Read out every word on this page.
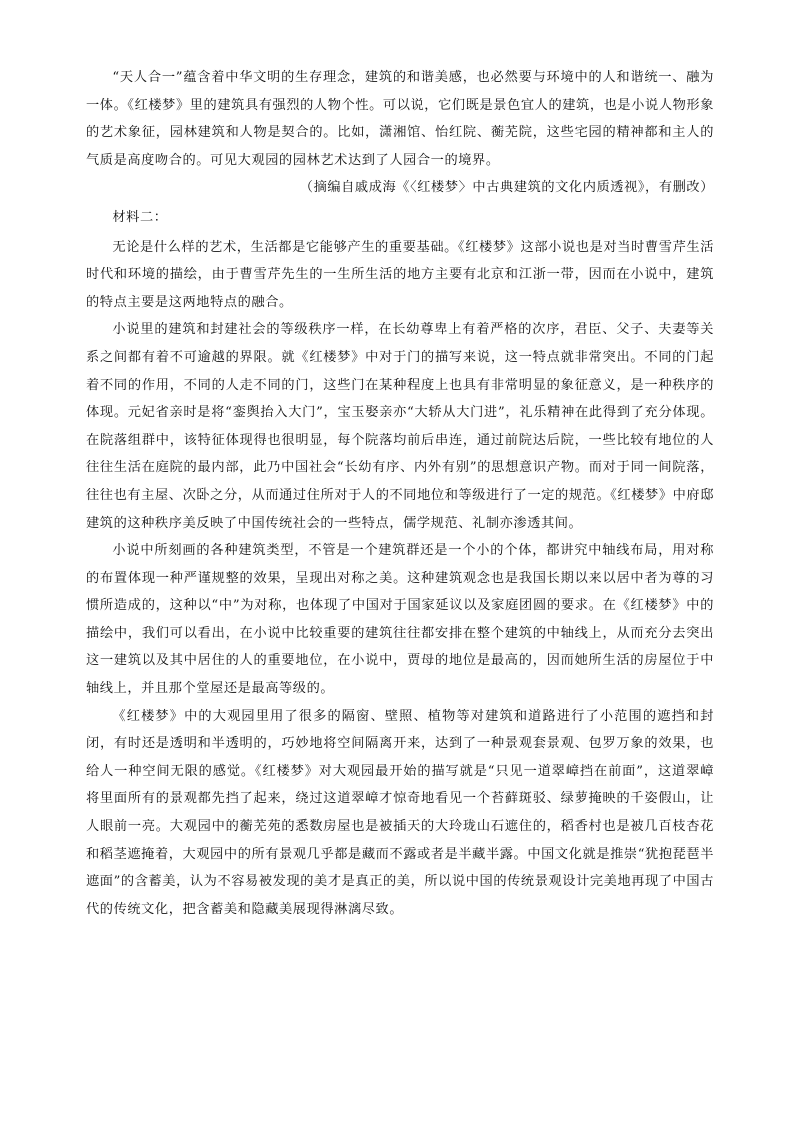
“天人合一”蕴含着中华文明的生存理念，建筑的和谐美感，也必然要与环境中的人和谐统一、融为一体。《红楼梦》里的建筑具有强烈的人物个性。可以说，它们既是景色宜人的建筑，也是小说人物形象的艺术象征，园林建筑和人物是契合的。比如，潇湘馆、怡红院、蘅芜院，这些宅园的精神都和主人的气质是高度吻合的。可见大观园的园林艺术达到了人园合一的境界。

（摘编自戚成海《〈红楼梦〉中古典建筑的文化内质透视》，有删改）

材料二：

无论是什么样的艺术，生活都是它能够产生的重要基础。《红楼梦》这部小说也是对当时曹雪芹生活时代和环境的描绘，由于曹雪芹先生的一生所生活的地方主要有北京和江浙一带，因而在小说中，建筑的特点主要是这两地特点的融合。

小说里的建筑和封建社会的等级秩序一样，在长幼尊卑上有着严格的次序，君臣、父子、夫妻等关系之间都有着不可逾越的界限。就《红楼梦》中对于门的描写来说，这一特点就非常突出。不同的门起着不同的作用，不同的人走不同的门，这些门在某种程度上也具有非常明显的象征意义，是一种秩序的体现。元妃省亲时是将“銮舆抬入大门”，宝玉娶亲亦“大轿从大门进”，礼乐精神在此得到了充分体现。在院落组群中，该特征体现得也很明显，每个院落均前后串连，通过前院达后院，一些比较有地位的人往往生活在庭院的最内部，此乃中国社会“长幼有序、内外有别”的思想意识产物。而对于同一间院落，往往也有主屋、次卧之分，从而通过住所对于人的不同地位和等级进行了一定的规范。《红楼梦》中府邸建筑的这种秩序美反映了中国传统社会的一些特点，儒学规范、礼制亦渗透其间。

小说中所刻画的各种建筑类型，不管是一个建筑群还是一个小的个体，都讲究中轴线布局，用对称的布置体现一种严谨规整的效果，呈现出对称之美。这种建筑观念也是我国长期以来以居中者为尊的习惯所造成的，这种以“中”为对称，也体现了中国对于国家延议以及家庭团圆的要求。在《红楼梦》中的描绘中，我们可以看出，在小说中比较重要的建筑往往都安排在整个建筑的中轴线上，从而充分去突出这一建筑以及其中居住的人的重要地位，在小说中，贾母的地位是最高的，因而她所生活的房屋位于中轴线上，并且那个堂屋还是最高等级的。

《红楼梦》中的大观园里用了很多的隔窗、壁照、植物等对建筑和道路进行了小范围的遮挡和封闭，有时还是透明和半透明的，巧妙地将空间隔离开来，达到了一种景观套景观、包罗万象的效果，也给人一种空间无限的感觉。《红楼梦》对大观园最开始的描写就是“只见一道翠嶂挡在前面”，这道翠嶂将里面所有的景观都先挡了起来，绕过这道翠嶂才惊奇地看见一个苔藓斑驳、绿萝掩映的千姿假山，让人眼前一亮。大观园中的蘅芜苑的悉数房屋也是被插天的大玲珑山石遮住的，稻香村也是被几百枝杏花和稻茎遮掩着，大观园中的所有景观几乎都是藏而不露或者是半藏半露。中国文化就是推崇“犹抱琵琶半遮面”的含蓄美，认为不容易被发现的美才是真正的美，所以说中国的传统景观设计完美地再现了中国古代的传统文化，把含蓄美和隐藏美展现得淋漓尽致。
